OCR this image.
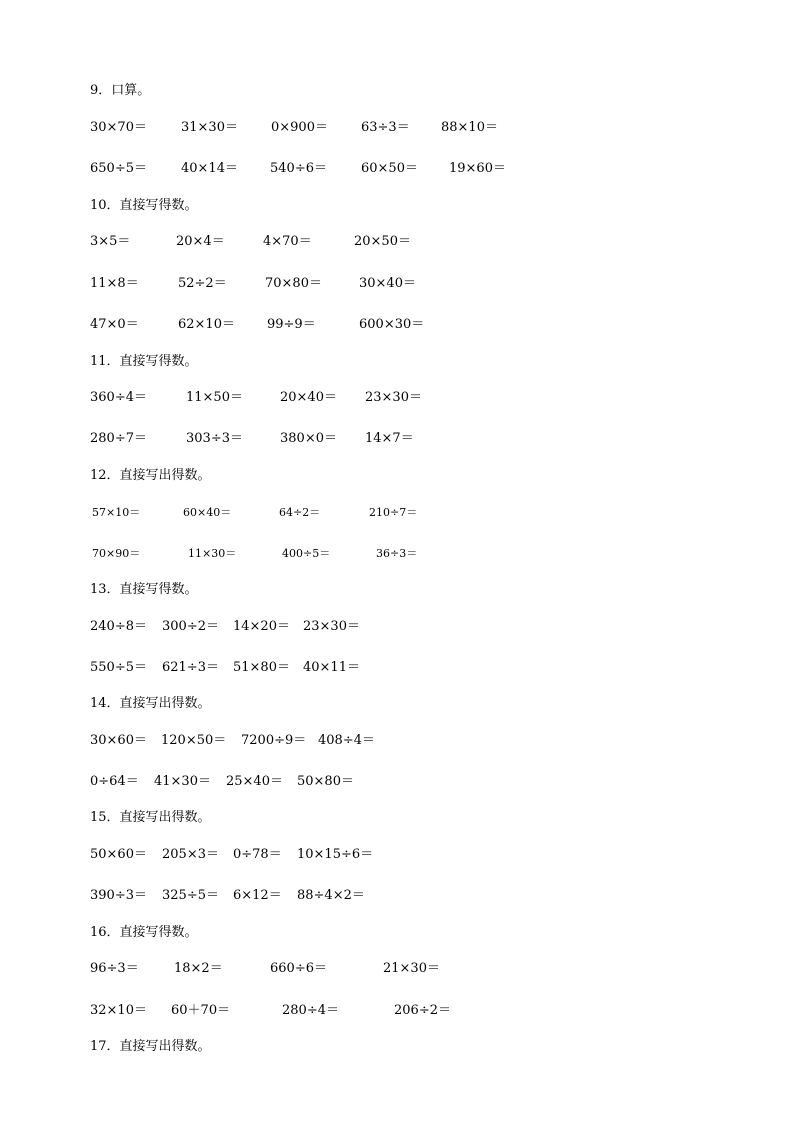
9．口算。
30×70＝	31×30＝	0×900＝	63÷3＝ 88×10＝
650÷5＝	40×14＝ 540÷6＝	60×50＝ 19×60＝
10．直接写得数。
3×5＝	20×4＝	4×70＝	20×50＝
11×8＝	52÷2＝	70×80＝	30×40＝
47×0＝	62×10＝ 99÷9＝	600×30＝
11．直接写得数。
360÷4＝	11×50＝	20×40＝ 23×30＝
280÷7＝	303÷3＝	380×0＝ 14×7＝
12．直接写出得数。
57×10＝	60×40＝	64÷2＝	210÷7＝
70×90＝	11×30＝	400÷5＝	36÷3＝
13．直接写得数。
240÷8＝ 300÷2＝ 14×20＝ 23×30＝
550÷5＝ 621÷3＝ 51×80＝ 40×11＝
14．直接写出得数。
30×60＝ 120×50＝ 7200÷9＝ 408÷4＝
0÷64＝ 41×30＝ 25×40＝ 50×80＝
15．直接写出得数。
50×60＝ 205×3＝ 0÷78＝ 10×15÷6＝
390÷3＝ 325÷5＝ 6×12＝ 88÷4×2＝
16．直接写得数。
96÷3＝	18×2＝	660÷6＝	21×30＝
32×10＝ 60＋70＝	280÷4＝	206÷2＝
17．直接写出得数。
